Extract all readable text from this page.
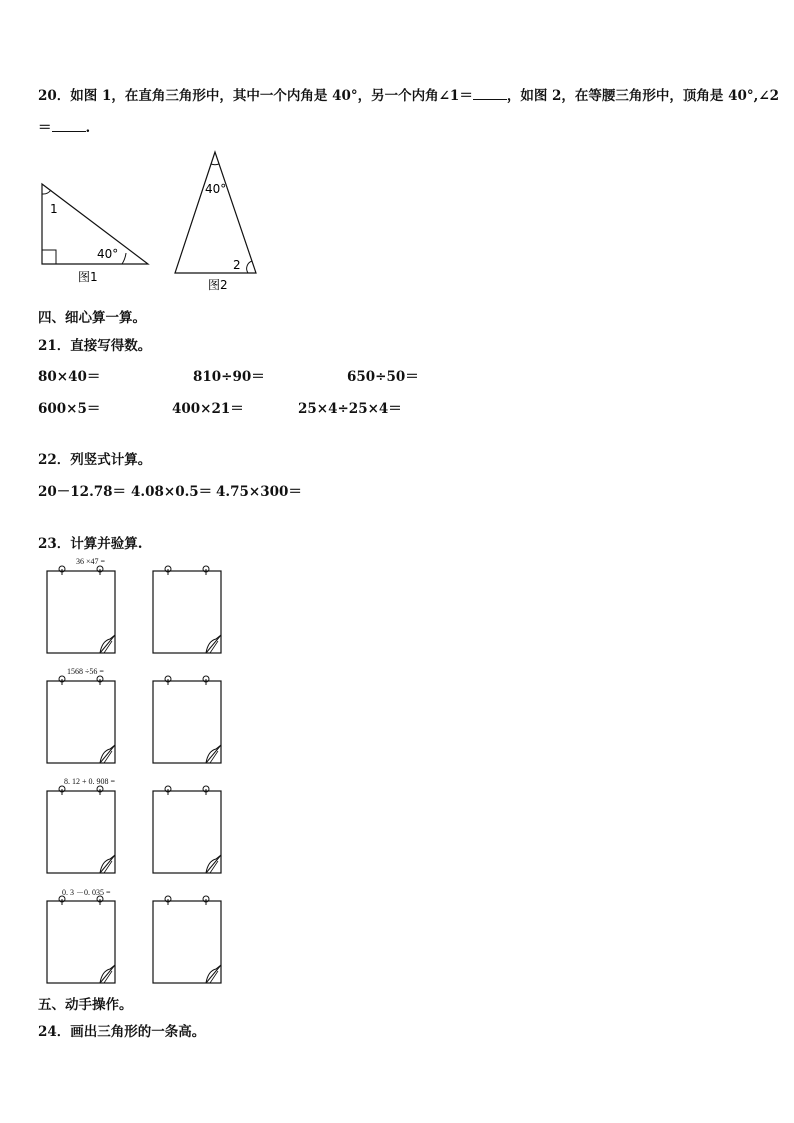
20．如图 1，在直角三角形中，其中一个内角是 40°，另一个内角∠1＝	，如图 2，在等腰三角形中，顶角是 40°,∠2
＝	.
1
40°
图1
40°
2
图2
四、细心算一算。
21．直接写得数。
80×40＝	810÷90＝	650÷50＝
600×5＝	400×21＝	25×4÷25×4＝
22．列竖式计算。
20－12.78＝ 4.08×0.5＝ 4.75×300＝
23．计算并验算.
36 ×47 =
1568 ÷56 =
8. 12 + 0. 908 =
0. 3 －0. 035 =
五、动手操作。
24．画出三角形的一条高。
